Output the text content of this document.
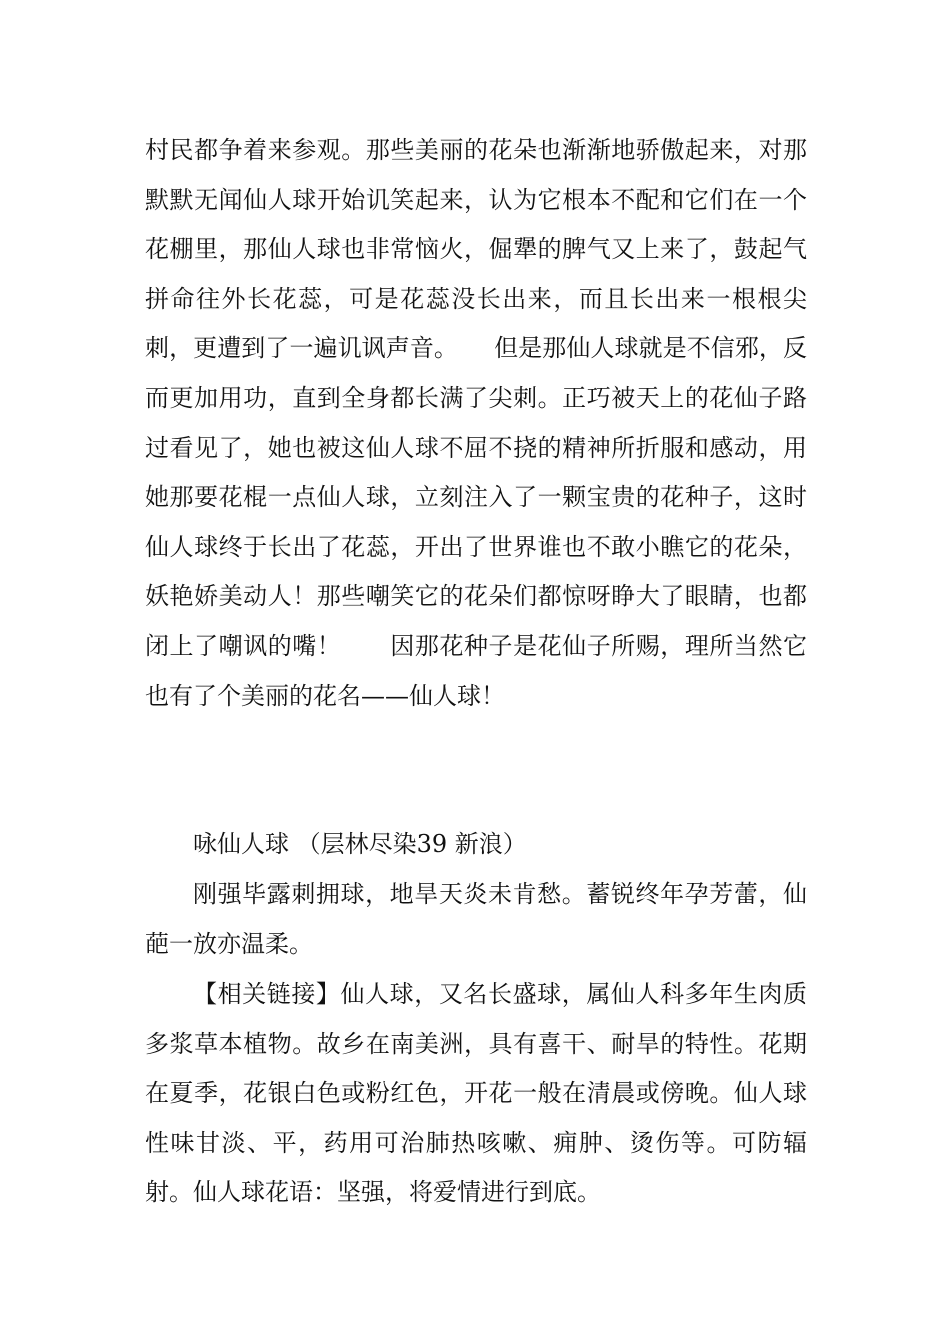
村民都争着来参观。那些美丽的花朵也渐渐地骄傲起来，对那默默无闻仙人球开始讥笑起来，认为它根本不配和它们在一个花棚里，那仙人球也非常恼火，倔犟的脾气又上来了，鼓起气拼命往外长花蕊，可是花蕊没长出来，而且长出来一根根尖刺，更遭到了一遍讥讽声音。　　但是那仙人球就是不信邪，反而更加用功，直到全身都长满了尖刺。正巧被天上的花仙子路过看见了，她也被这仙人球不屈不挠的精神所折服和感动，用她那要花棍一点仙人球，立刻注入了一颗宝贵的花种子，这时仙人球终于长出了花蕊，开出了世界谁也不敢小瞧它的花朵，妖艳娇美动人！那些嘲笑它的花朵们都惊呀睁大了眼睛，也都闭上了嘲讽的嘴！　　因那花种子是花仙子所赐，理所当然它也有了个美丽的花名——仙人球！

咏仙人球 （层林尽染39 新浪）

刚强毕露刺拥球，地旱天炎未肯愁。蓄锐终年孕芳蕾，仙葩一放亦温柔。

【相关链接】仙人球，又名长盛球，属仙人科多年生肉质多浆草本植物。故乡在南美洲，具有喜干、耐旱的特性。花期在夏季，花银白色或粉红色，开花一般在清晨或傍晚。仙人球性味甘淡、平，药用可治肺热咳嗽、痈肿、烫伤等。可防辐射。仙人球花语：坚强，将爱情进行到底。
